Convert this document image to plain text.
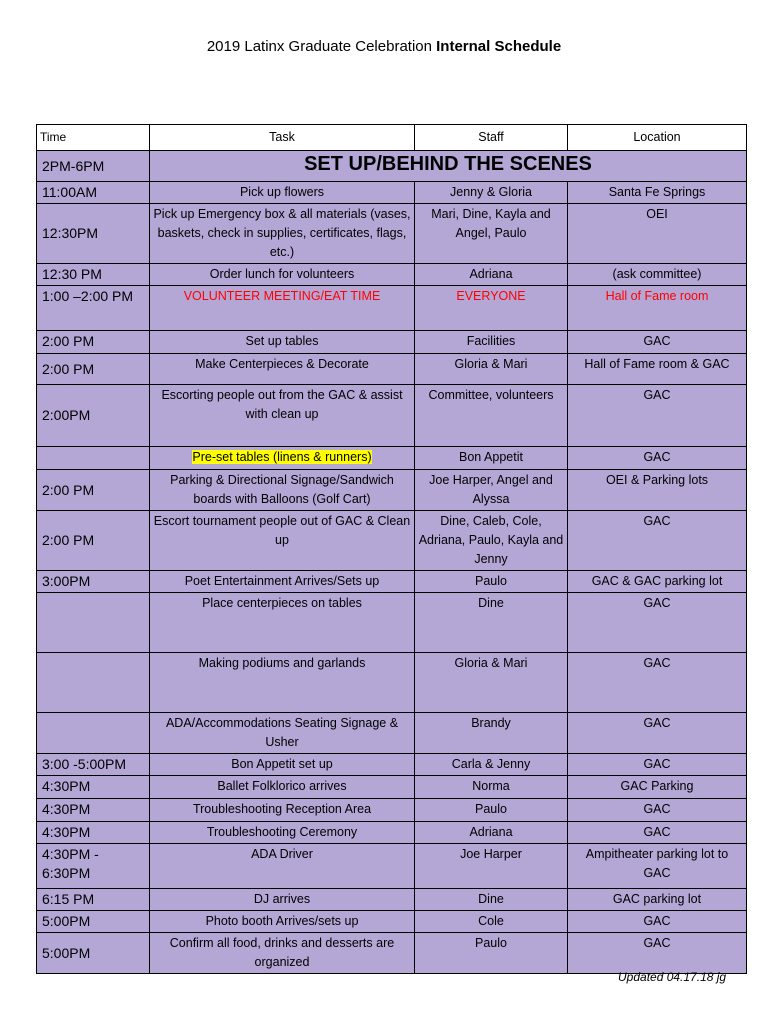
2019 Latinx Graduate Celebration Internal Schedule
Time	Task	Staff	Location
2PM-6PM	SET UP/BEHIND THE SCENES		
11:00AM	Pick up flowers	Jenny & Gloria	Santa Fe Springs
12:30PM	Pick up Emergency box & all materials (vases, baskets, check in supplies, certificates, flags, etc.)	Mari, Dine, Kayla and Angel, Paulo	OEI
12:30 PM	Order lunch for volunteers	Adriana	(ask committee)
1:00 –2:00 PM	VOLUNTEER MEETING/EAT TIME	EVERYONE	Hall of Fame room
2:00 PM	Set up tables	Facilities	GAC
2:00 PM	Make Centerpieces & Decorate	Gloria & Mari	Hall of Fame room & GAC
2:00PM	Escorting people out from the GAC & assist with clean up	Committee, volunteers	GAC
	Pre-set tables (linens & runners)	Bon Appetit	GAC
2:00 PM	Parking & Directional Signage/Sandwich boards with Balloons (Golf Cart)	Joe Harper, Angel and Alyssa	OEI & Parking lots
2:00 PM	Escort tournament people out of GAC & Clean up	Dine, Caleb, Cole, Adriana, Paulo, Kayla and Jenny	GAC
3:00PM	Poet Entertainment Arrives/Sets up	Paulo	GAC & GAC parking lot
	Place centerpieces on tables	Dine	GAC
	Making podiums and garlands	Gloria & Mari	GAC
	ADA/Accommodations Seating Signage & Usher	Brandy	GAC
3:00 -5:00PM	Bon Appetit set up	Carla & Jenny	GAC
4:30PM	Ballet Folklorico arrives	Norma	GAC Parking
4:30PM	Troubleshooting Reception Area	Paulo	GAC
4:30PM	Troubleshooting Ceremony	Adriana	GAC
4:30PM - 6:30PM	ADA Driver	Joe Harper	Ampitheater parking lot to GAC
6:15 PM	DJ arrives	Dine	GAC parking lot
5:00PM	Photo booth Arrives/sets up	Cole	GAC
5:00PM	Confirm all food, drinks and desserts are organized	Paulo	GAC
Updated 04.17.18 jg
